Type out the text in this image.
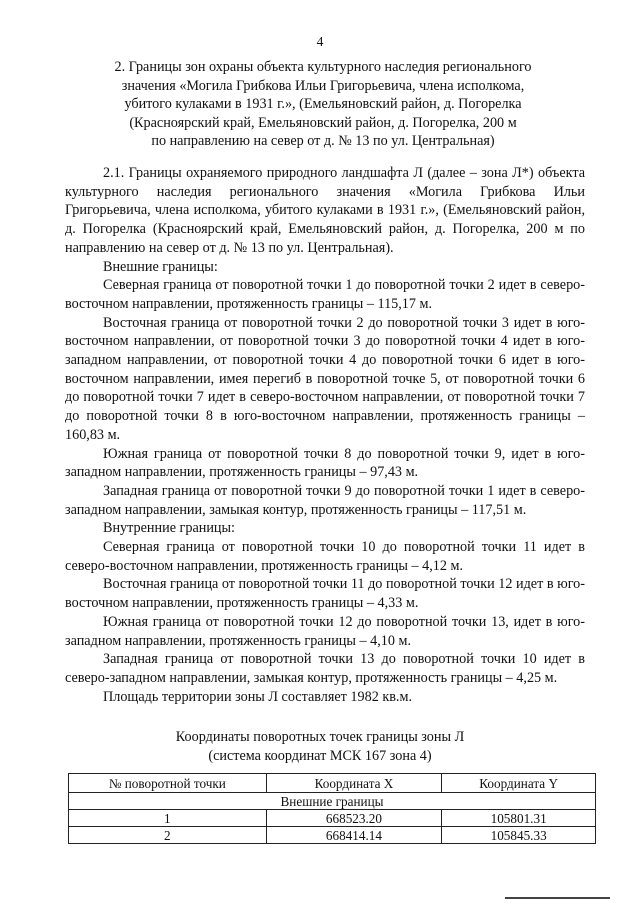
4
2. Границы зон охраны объекта культурного наследия регионального
значения «Могила Грибкова Ильи Григорьевича, члена исполкома,
убитого кулаками в 1931 г.», (Емельяновский район, д. Погорелка
(Красноярский край, Емельяновский район, д. Погорелка, 200 м
по направлению на север от д. № 13 по ул. Центральная)

2.1. Границы охраняемого природного ландшафта Л (далее – зона Л*) объекта культурного наследия регионального значения «Могила Грибкова Ильи Григорьевича, члена исполкома, убитого кулаками в 1931 г.», (Емельяновский район, д. Погорелка (Красноярский край, Емельяновский район, д. Погорелка, 200 м по направлению на север от д. № 13 по ул. Центральная).

Внешние границы:

Северная граница от поворотной точки 1 до поворотной точки 2 идет в северо-восточном направлении, протяженность границы – 115,17 м.

Восточная граница от поворотной точки 2 до поворотной точки 3 идет в юго-восточном направлении, от поворотной точки 3 до поворотной точки 4 идет в юго-западном направлении, от поворотной точки 4 до поворотной точки 6 идет в юго-восточном направлении, имея перегиб в поворотной точке 5, от поворотной точки 6 до поворотной точки 7 идет в северо-восточном направлении, от поворотной точки 7 до поворотной точки 8 в юго-восточном направлении, протяженность границы – 160,83 м.

Южная граница от поворотной точки 8 до поворотной точки 9, идет в юго-западном направлении, протяженность границы – 97,43 м.

Западная граница от поворотной точки 9 до поворотной точки 1 идет в северо-западном направлении, замыкая контур, протяженность границы – 117,51 м.

Внутренние границы:

Северная граница от поворотной точки 10 до поворотной точки 11 идет в северо-восточном направлении, протяженность границы – 4,12 м.

Восточная граница от поворотной точки 11 до поворотной точки 12 идет в юго-восточном направлении, протяженность границы – 4,33 м.

Южная граница от поворотной точки 12 до поворотной точки 13, идет в юго-западном направлении, протяженность границы – 4,10 м.

Западная граница от поворотной точки 13 до поворотной точки 10 идет в северо-западном направлении, замыкая контур, протяженность границы – 4,25 м.

Площадь территории зоны Л составляет 1982 кв.м.

Координаты поворотных точек границы зоны Л
(система координат МСК 167 зона 4)
№ поворотной точки	Координата X	Координата Y
Внешние границы		
1	668523.20	105801.31
2	668414.14	105845.33
